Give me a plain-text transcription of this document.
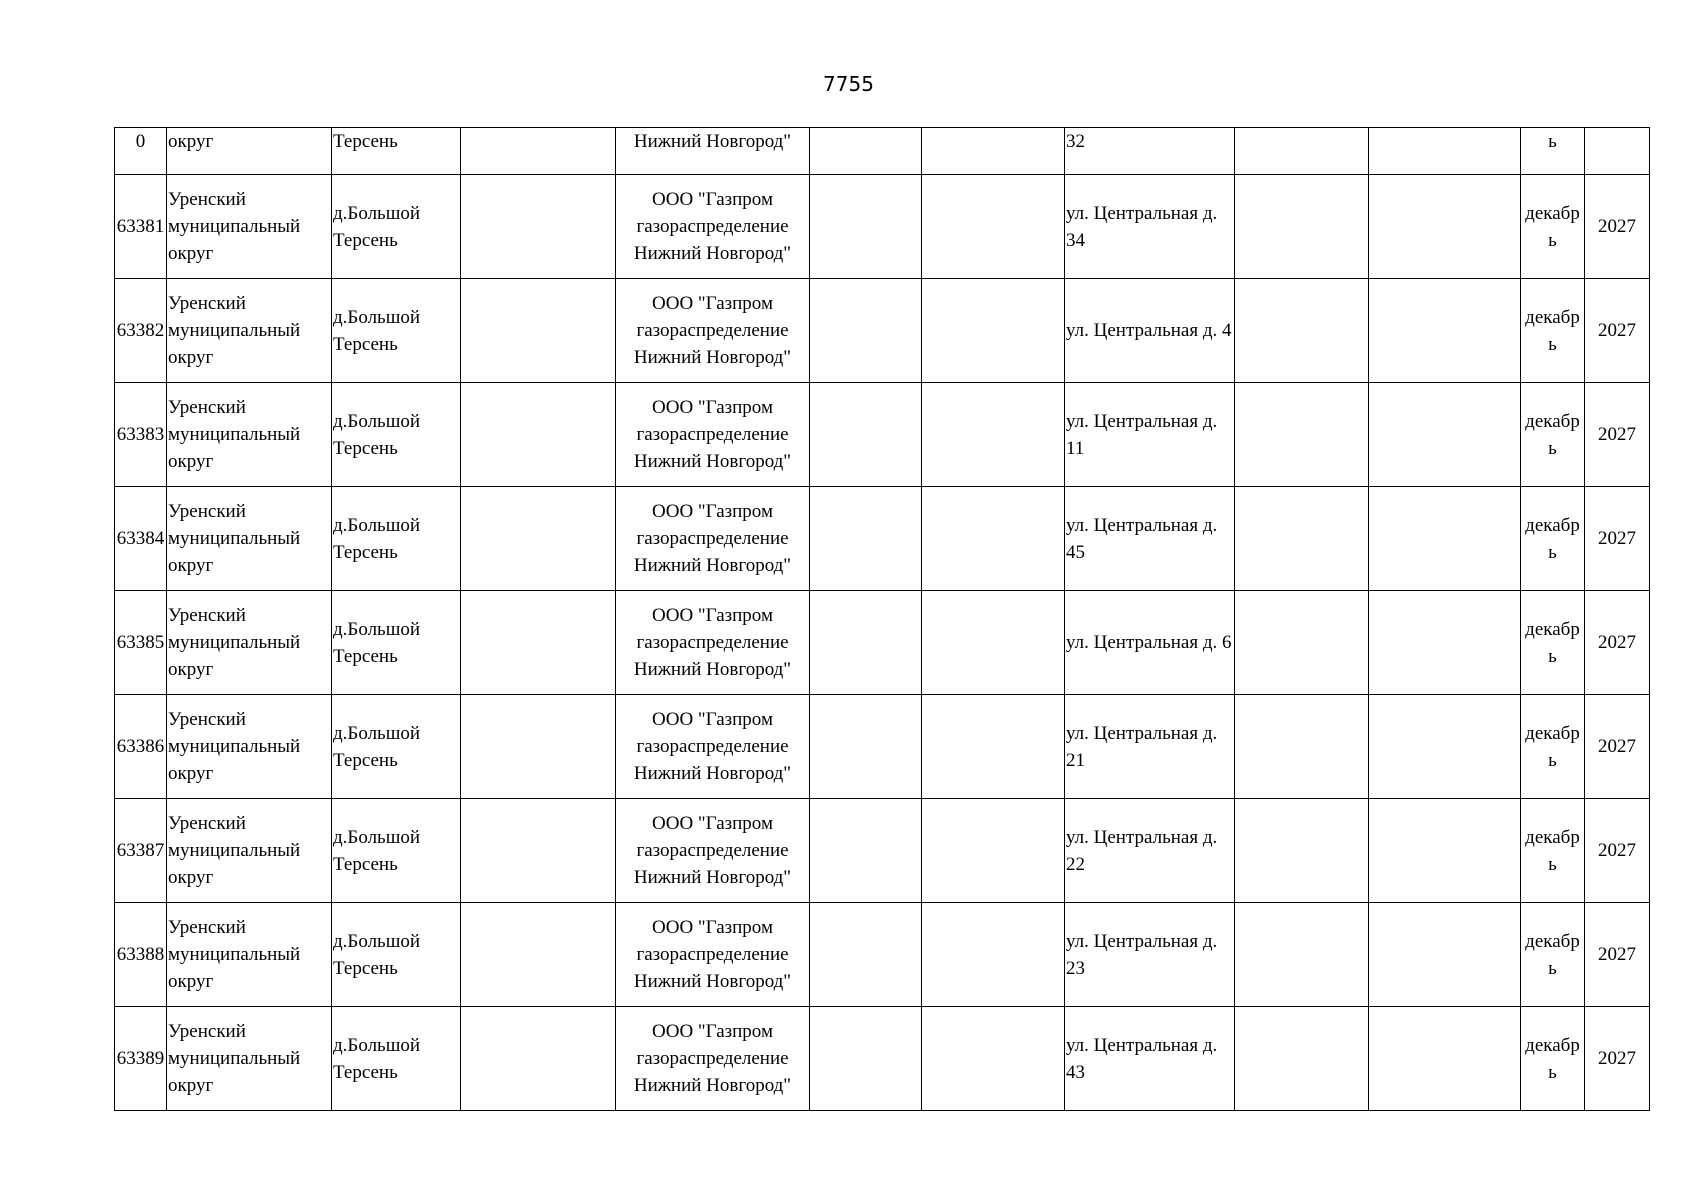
7755
0	округ	Терсень		Нижний Новгород"			32			ь	
63381	Уренский муниципальный округ	д.Большой Терсень		ООО "Газпром газораспределение Нижний Новгород"			ул. Центральная д. 34			декабрь	2027
63382	Уренский муниципальный округ	д.Большой Терсень		ООО "Газпром газораспределение Нижний Новгород"			ул. Центральная д. 4			декабрь	2027
63383	Уренский муниципальный округ	д.Большой Терсень		ООО "Газпром газораспределение Нижний Новгород"			ул. Центральная д. 11			декабрь	2027
63384	Уренский муниципальный округ	д.Большой Терсень		ООО "Газпром газораспределение Нижний Новгород"			ул. Центральная д. 45			декабрь	2027
63385	Уренский муниципальный округ	д.Большой Терсень		ООО "Газпром газораспределение Нижний Новгород"			ул. Центральная д. 6			декабрь	2027
63386	Уренский муниципальный округ	д.Большой Терсень		ООО "Газпром газораспределение Нижний Новгород"			ул. Центральная д. 21			декабрь	2027
63387	Уренский муниципальный округ	д.Большой Терсень		ООО "Газпром газораспределение Нижний Новгород"			ул. Центральная д. 22			декабрь	2027
63388	Уренский муниципальный округ	д.Большой Терсень		ООО "Газпром газораспределение Нижний Новгород"			ул. Центральная д. 23			декабрь	2027
63389	Уренский муниципальный округ	д.Большой Терсень		ООО "Газпром газораспределение Нижний Новгород"			ул. Центральная д. 43			декабрь	2027
